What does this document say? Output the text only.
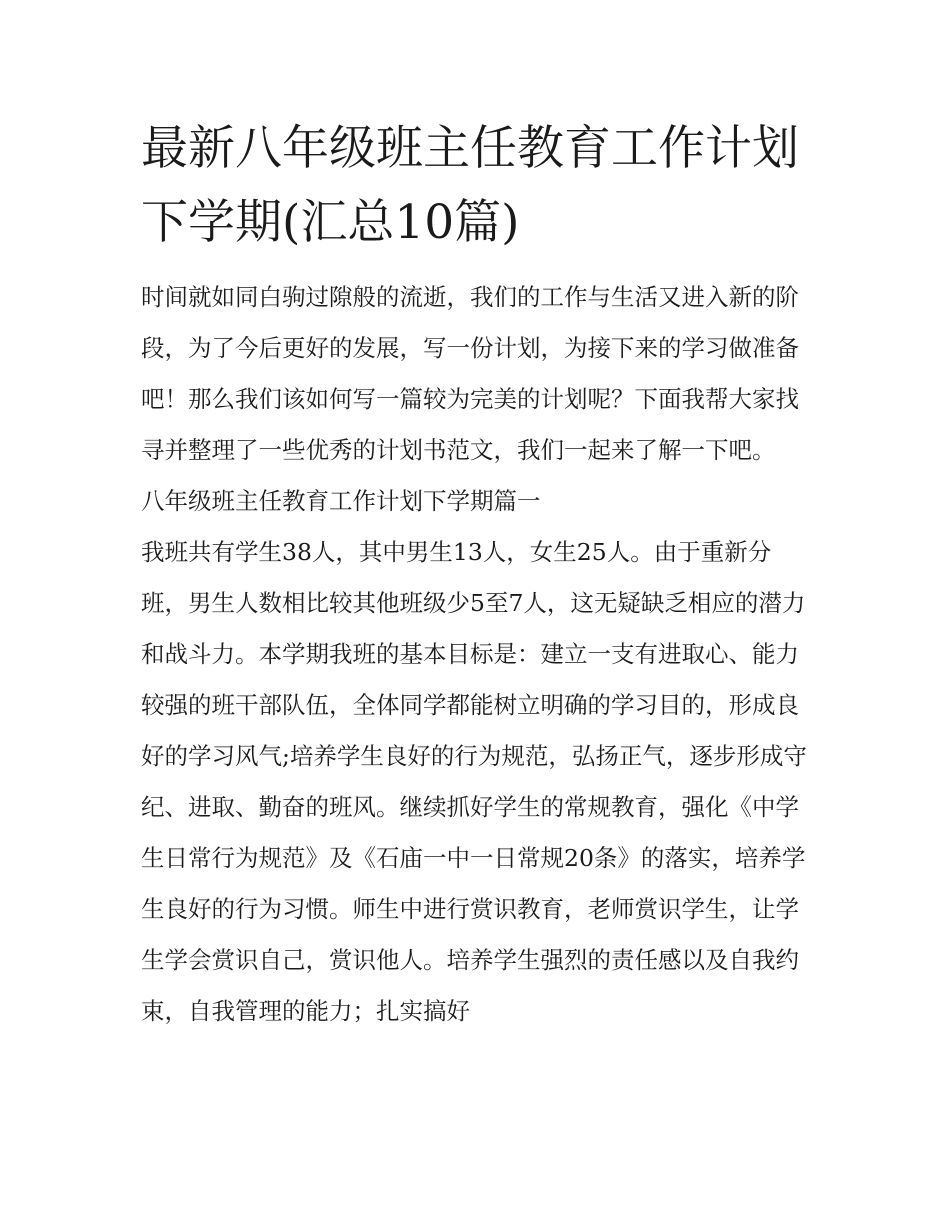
最新八年级班主任教育工作计划下学期(汇总10篇)

时间就如同白驹过隙般的流逝，我们的工作与生活又进入新的阶段，为了今后更好的发展，写一份计划，为接下来的学习做准备吧！那么我们该如何写一篇较为完美的计划呢？下面我帮大家找寻并整理了一些优秀的计划书范文，我们一起来了解一下吧。

八年级班主任教育工作计划下学期篇一

我班共有学生38人，其中男生13人，女生25人。由于重新分班，男生人数相比较其他班级少5至7人，这无疑缺乏相应的潜力和战斗力。本学期我班的基本目标是：建立一支有进取心、能力较强的班干部队伍，全体同学都能树立明确的学习目的，形成良好的学习风气;培养学生良好的行为规范，弘扬正气，逐步形成守纪、进取、勤奋的班风。继续抓好学生的常规教育，强化《中学生日常行为规范》及《石庙一中一日常规20条》的落实，培养学生良好的行为习惯。师生中进行赏识教育，老师赏识学生，让学生学会赏识自己，赏识他人。培养学生强烈的责任感以及自我约束，自我管理的能力；扎实搞好
